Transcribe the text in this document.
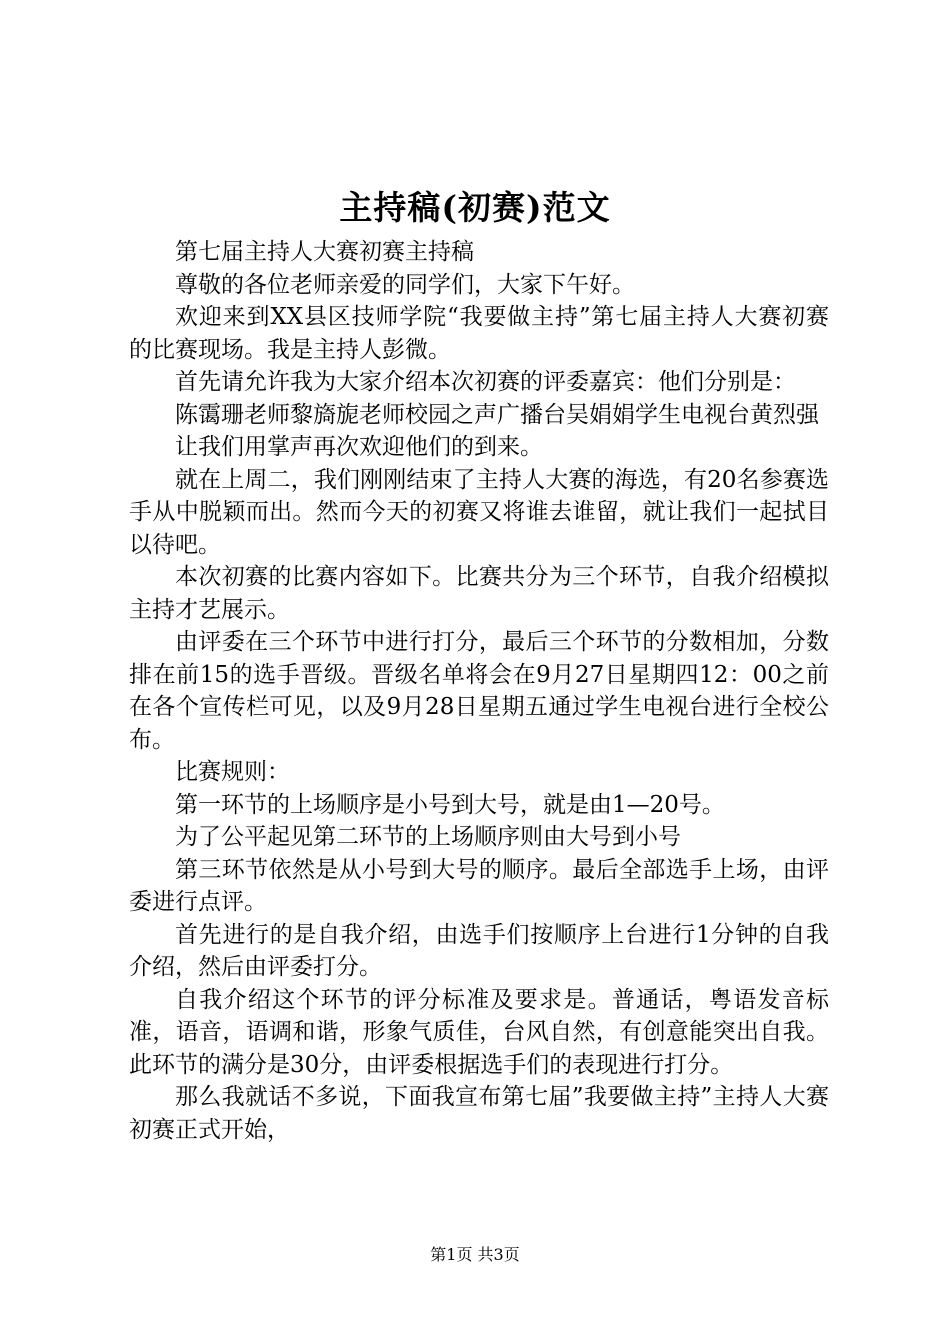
主持稿(初赛)范文

第七届主持人大赛初赛主持稿

尊敬的各位老师亲爱的同学们，大家下午好。

欢迎来到XX县区技师学院“我要做主持”第七届主持人大赛初赛的比赛现场。我是主持人彭微。

首先请允许我为大家介绍本次初赛的评委嘉宾：他们分别是：

陈霭珊老师黎旖旎老师校园之声广播台吴娟娟学生电视台黄烈强

让我们用掌声再次欢迎他们的到来。

就在上周二，我们刚刚结束了主持人大赛的海选，有20名参赛选手从中脱颖而出。然而今天的初赛又将谁去谁留，就让我们一起拭目以待吧。

本次初赛的比赛内容如下。比赛共分为三个环节，自我介绍模拟主持才艺展示。

由评委在三个环节中进行打分，最后三个环节的分数相加，分数排在前15的选手晋级。晋级名单将会在9月27日星期四12：00之前在各个宣传栏可见，以及9月28日星期五通过学生电视台进行全校公布。

比赛规则：

第一环节的上场顺序是小号到大号，就是由1—20号。

为了公平起见第二环节的上场顺序则由大号到小号

第三环节依然是从小号到大号的顺序。最后全部选手上场，由评委进行点评。

首先进行的是自我介绍，由选手们按顺序上台进行1分钟的自我介绍，然后由评委打分。

自我介绍这个环节的评分标准及要求是。普通话，粤语发音标准，语音，语调和谐，形象气质佳，台风自然，有创意能突出自我。此环节的满分是30分，由评委根据选手们的表现进行打分。

那么我就话不多说，下面我宣布第七届”我要做主持”主持人大赛初赛正式开始，

第1页 共3页
